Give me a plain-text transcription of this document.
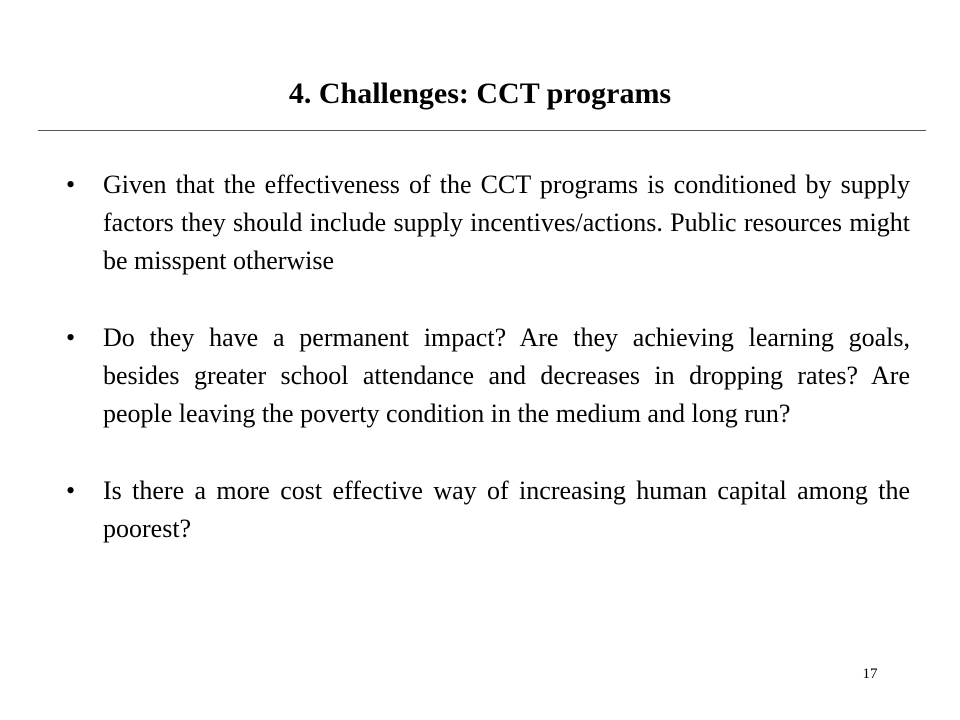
4. Challenges: CCT programs
• Given that the effectiveness of the CCT programs is conditioned by supply factors they should include supply incentives/actions. Public resources might be misspent otherwise
• Do they have a permanent impact? Are they achieving learning goals, besides greater school attendance and decreases in dropping rates? Are people leaving the poverty condition in the medium and long run?
• Is there a more cost effective way of increasing human capital among the poorest?
17
